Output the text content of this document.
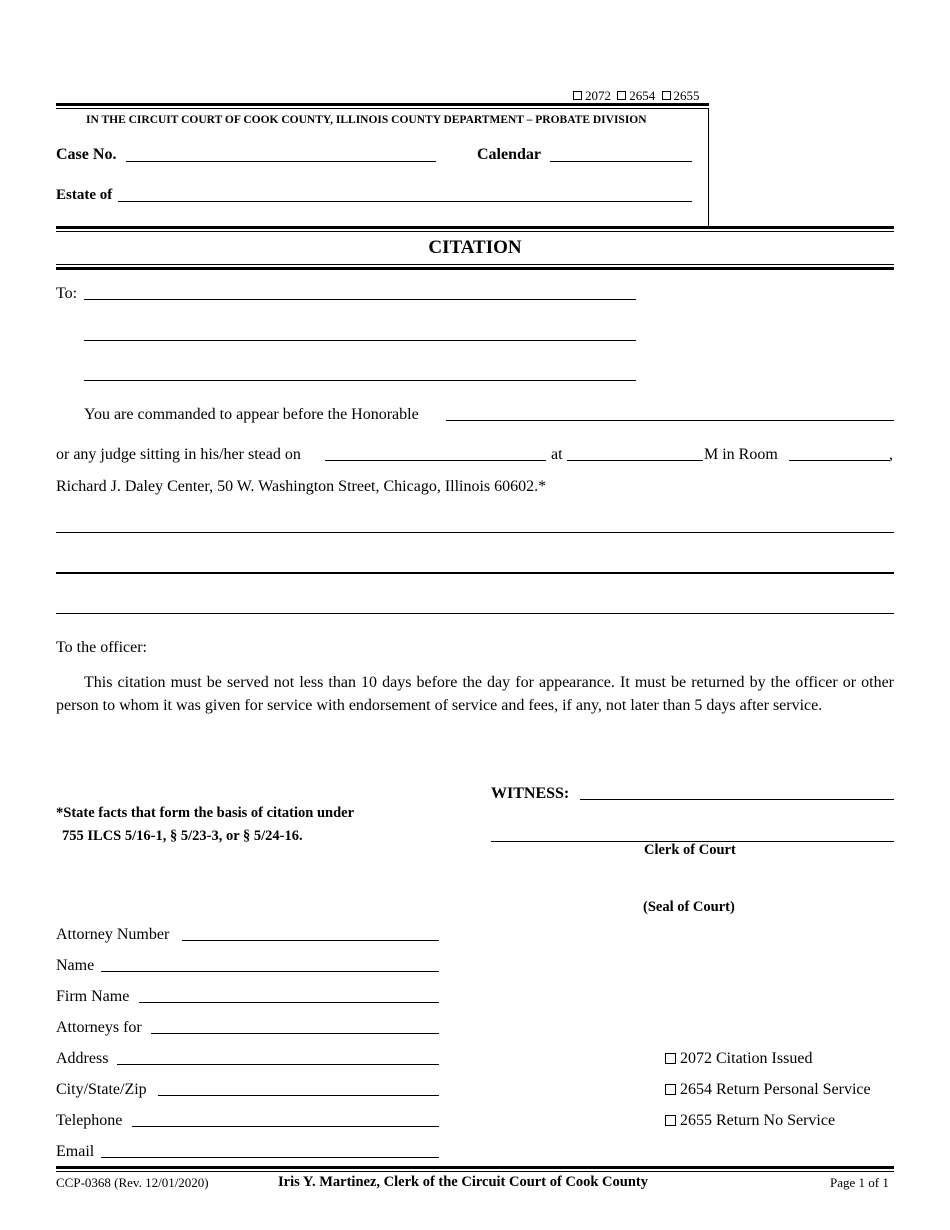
2072 2654 2655
IN THE CIRCUIT COURT OF COOK COUNTY, ILLINOIS COUNTY DEPARTMENT – PROBATE DIVISION
Case No.	Calendar
Estate of
CITATION
To:
You are commanded to appear before the Honorable
or any judge sitting in his/her stead on	at	M in Room	,
Richard J. Daley Center, 50 W. Washington Street, Chicago, Illinois 60602.*
To the officer:
This citation must be served not less than 10 days before the day for appearance. It must be returned by the officer or other person to whom it was given for service with endorsement of service and fees, if any, not later than 5 days after service.
WITNESS:
Clerk of Court
(Seal of Court)
*State facts that form the basis of citation under
755 ILCS 5/16-1, § 5/23-3, or § 5/24-16.
Attorney Number
Name
Firm Name
Attorneys for
Address
City/State/Zip
Telephone
Email
2072 Citation Issued
2654 Return Personal Service
2655 Return No Service
CCP-0368 (Rev. 12/01/2020)	Iris Y. Martinez, Clerk of the Circuit Court of Cook County	Page 1 of 1
